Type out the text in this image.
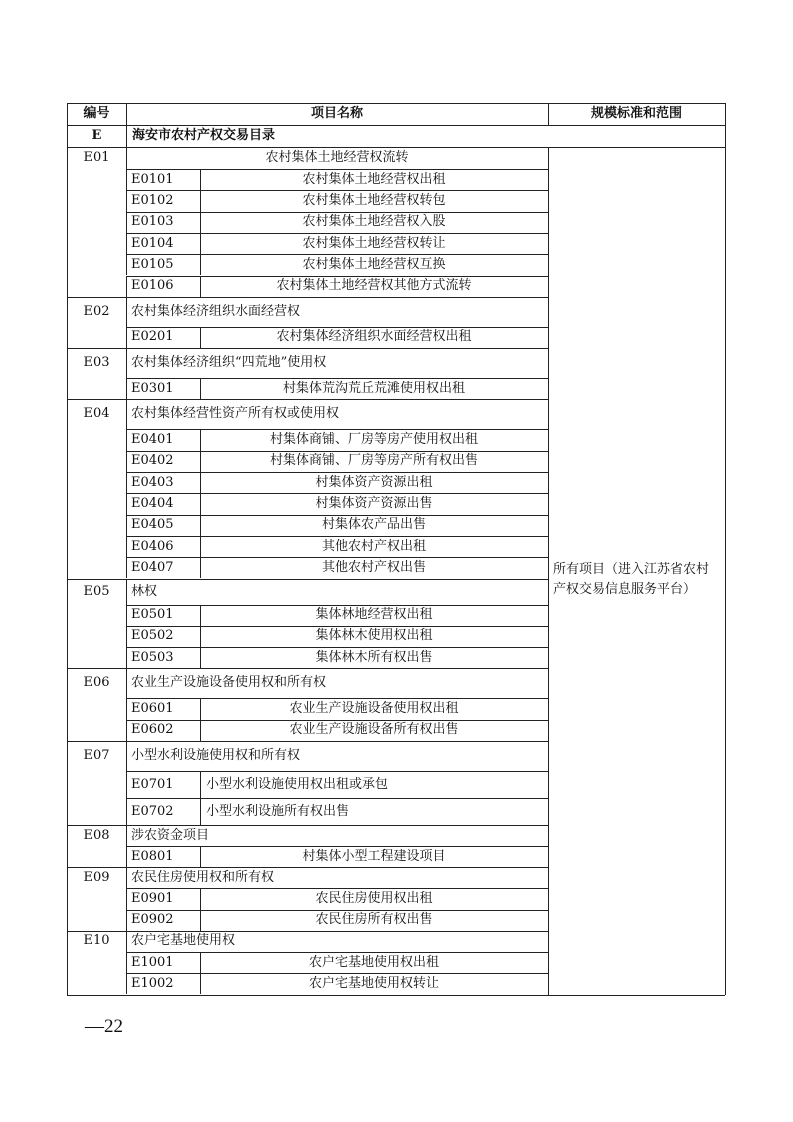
编号	项目名称	规模标准和范围
E	海安市农村产权交易目录
E01	农村集体土地经营权流转
E0101	农村集体土地经营权出租
E0102	农村集体土地经营权转包
E0103	农村集体土地经营权入股
E0104	农村集体土地经营权转让
E0105	农村集体土地经营权互换
E0106	农村集体土地经营权其他方式流转
E02	农村集体经济组织水面经营权
E0201	农村集体经济组织水面经营权出租
E03	农村集体经济组织“四荒地”使用权
E0301	村集体荒沟荒丘荒滩使用权出租
E04	农村集体经营性资产所有权或使用权
E0401	村集体商铺、厂房等房产使用权出租
E0402	村集体商铺、厂房等房产所有权出售
E0403	村集体资产资源出租
E0404	村集体资产资源出售
E0405	村集体农产品出售
E0406	其他农村产权出租
E0407	其他农村产权出售
E05	林权
E0501	集体林地经营权出租
E0502	集体林木使用权出租
E0503	集体林木所有权出售
E06	农业生产设施设备使用权和所有权
E0601	农业生产设施设备使用权出租
E0602	农业生产设施设备所有权出售
E07	小型水利设施使用权和所有权
E0701	小型水利设施使用权出租或承包
E0702	小型水利设施所有权出售
E08	涉农资金项目
E0801	村集体小型工程建设项目
E09	农民住房使用权和所有权
E0901	农民住房使用权出租
E0902	农民住房所有权出售
E10	农户宅基地使用权
E1001	农户宅基地使用权出租
E1002	农户宅基地使用权转让
所有项目（进入江苏省农村产权交易信息服务平台）
—22
